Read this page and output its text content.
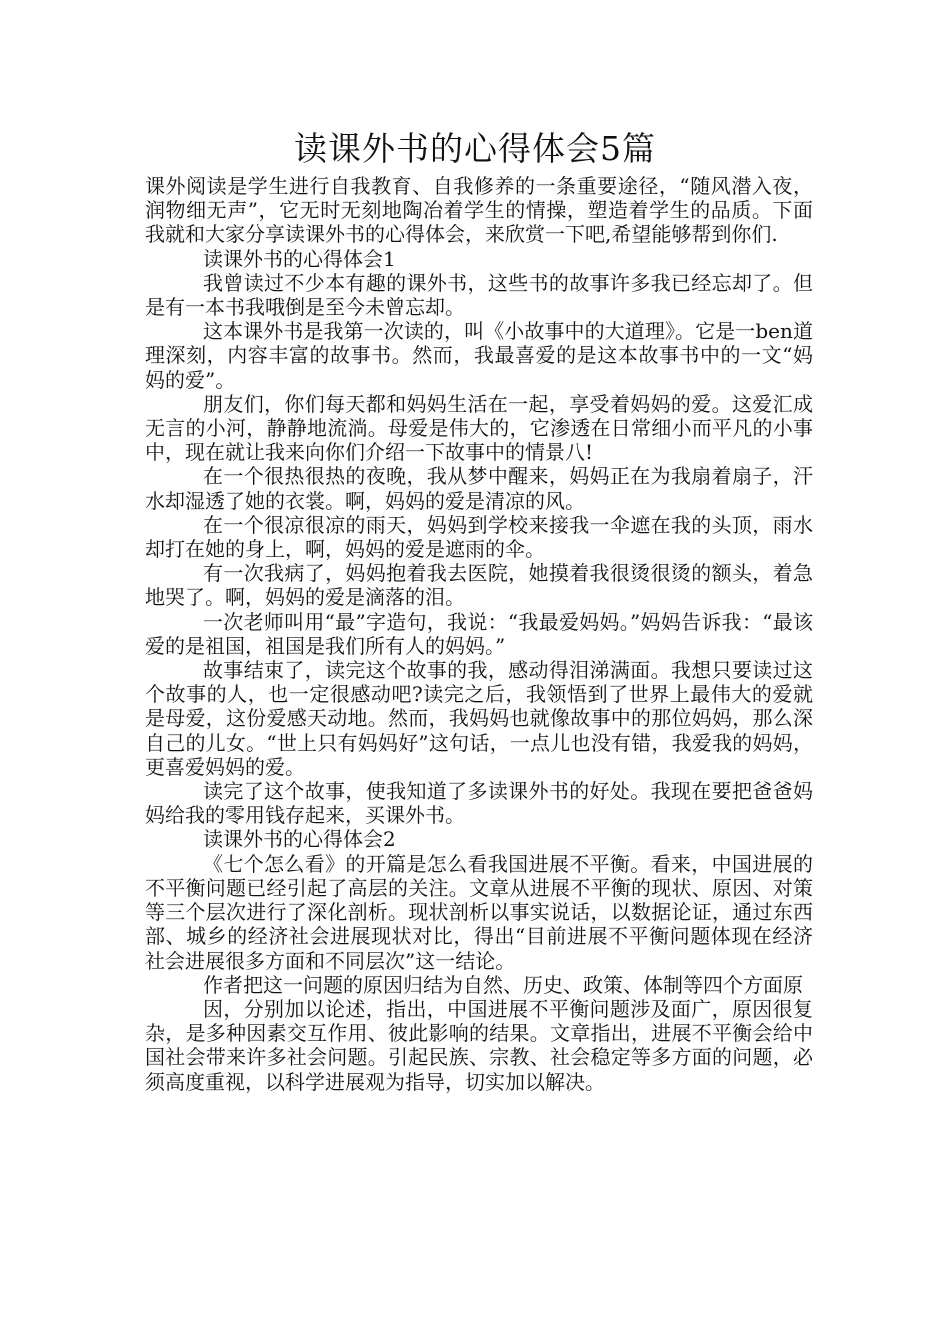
读课外书的心得体会5篇

课外阅读是学生进行自我教育、自我修养的一条重要途径，“随风潜入夜，润物细无声”，它无时无刻地陶冶着学生的情操，塑造着学生的品质。下面我就和大家分享读课外书的心得体会，来欣赏一下吧,希望能够帮到你们.

读课外书的心得体会1

我曾读过不少本有趣的课外书，这些书的故事许多我已经忘却了。但是有一本书我哦倒是至今未曾忘却。

这本课外书是我第一次读的，叫《小故事中的大道理》。它是一ben道理深刻，内容丰富的故事书。然而，我最喜爱的是这本故事书中的一文“妈妈的爱”。

朋友们，你们每天都和妈妈生活在一起，享受着妈妈的爱。这爱汇成无言的小河，静静地流淌。母爱是伟大的，它渗透在日常细小而平凡的小事中，现在就让我来向你们介绍一下故事中的情景八!

在一个很热很热的夜晚，我从梦中醒来，妈妈正在为我扇着扇子，汗水却湿透了她的衣裳。啊，妈妈的爱是清凉的风。

在一个很凉很凉的雨天，妈妈到学校来接我一伞遮在我的头顶，雨水却打在她的身上，啊，妈妈的爱是遮雨的伞。

有一次我病了，妈妈抱着我去医院，她摸着我很烫很烫的额头，着急地哭了。啊，妈妈的爱是滴落的泪。

一次老师叫用“最”字造句，我说：“我最爱妈妈。”妈妈告诉我：“最该爱的是祖国，祖国是我们所有人的妈妈。”

故事结束了，读完这个故事的我，感动得泪涕满面。我想只要读过这个故事的人，也一定很感动吧?读完之后，我领悟到了世界上最伟大的爱就是母爱，这份爱感天动地。然而，我妈妈也就像故事中的那位妈妈，那么深自己的儿女。“世上只有妈妈好”这句话，一点儿也没有错，我爱我的妈妈，更喜爱妈妈的爱。

读完了这个故事，使我知道了多读课外书的好处。我现在要把爸爸妈妈给我的零用钱存起来，买课外书。

读课外书的心得体会2

《七个怎么看》的开篇是怎么看我国进展不平衡。看来，中国进展的不平衡问题已经引起了高层的关注。文章从进展不平衡的现状、原因、对策等三个层次进行了深化剖析。现状剖析以事实说话，以数据论证，通过东西部、城乡的经济社会进展现状对比，得出“目前进展不平衡问题体现在经济社会进展很多方面和不同层次”这一结论。

作者把这一问题的原因归结为自然、历史、政策、体制等四个方面原

因，分别加以论述，指出，中国进展不平衡问题涉及面广，原因很复杂，是多种因素交互作用、彼此影响的结果。文章指出，进展不平衡会给中国社会带来许多社会问题。引起民族、宗教、社会稳定等多方面的问题，必须高度重视，以科学进展观为指导，切实加以解决。
